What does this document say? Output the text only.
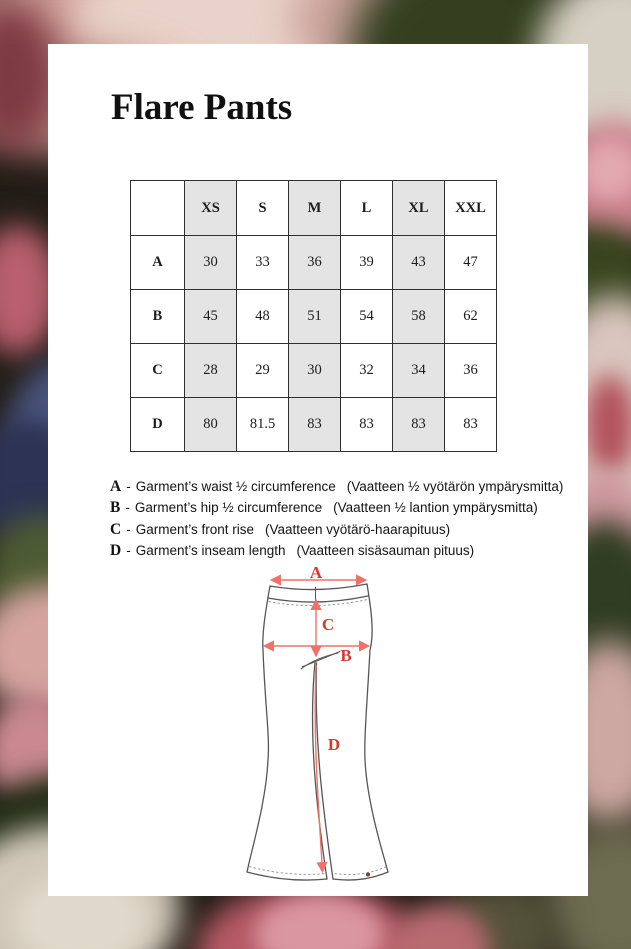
Flare Pants
	XS	S	M	L	XL	XXL
A	30	33	36	39	43	47
B	45	48	51	54	58	62
C	28	29	30	32	34	36
D	80	81.5	83	83	83	83
A - Garment’s waist ½ circumference (Vaatteen ½ vyötärön ympärysmitta)
B - Garment’s hip ½ circumference (Vaatteen ½ lantion ympärysmitta)
C - Garment’s front rise (Vaatteen vyötärö-haarapituus)
D - Garment’s inseam length (Vaatteen sisäsauman pituus)
A
C
B
D
